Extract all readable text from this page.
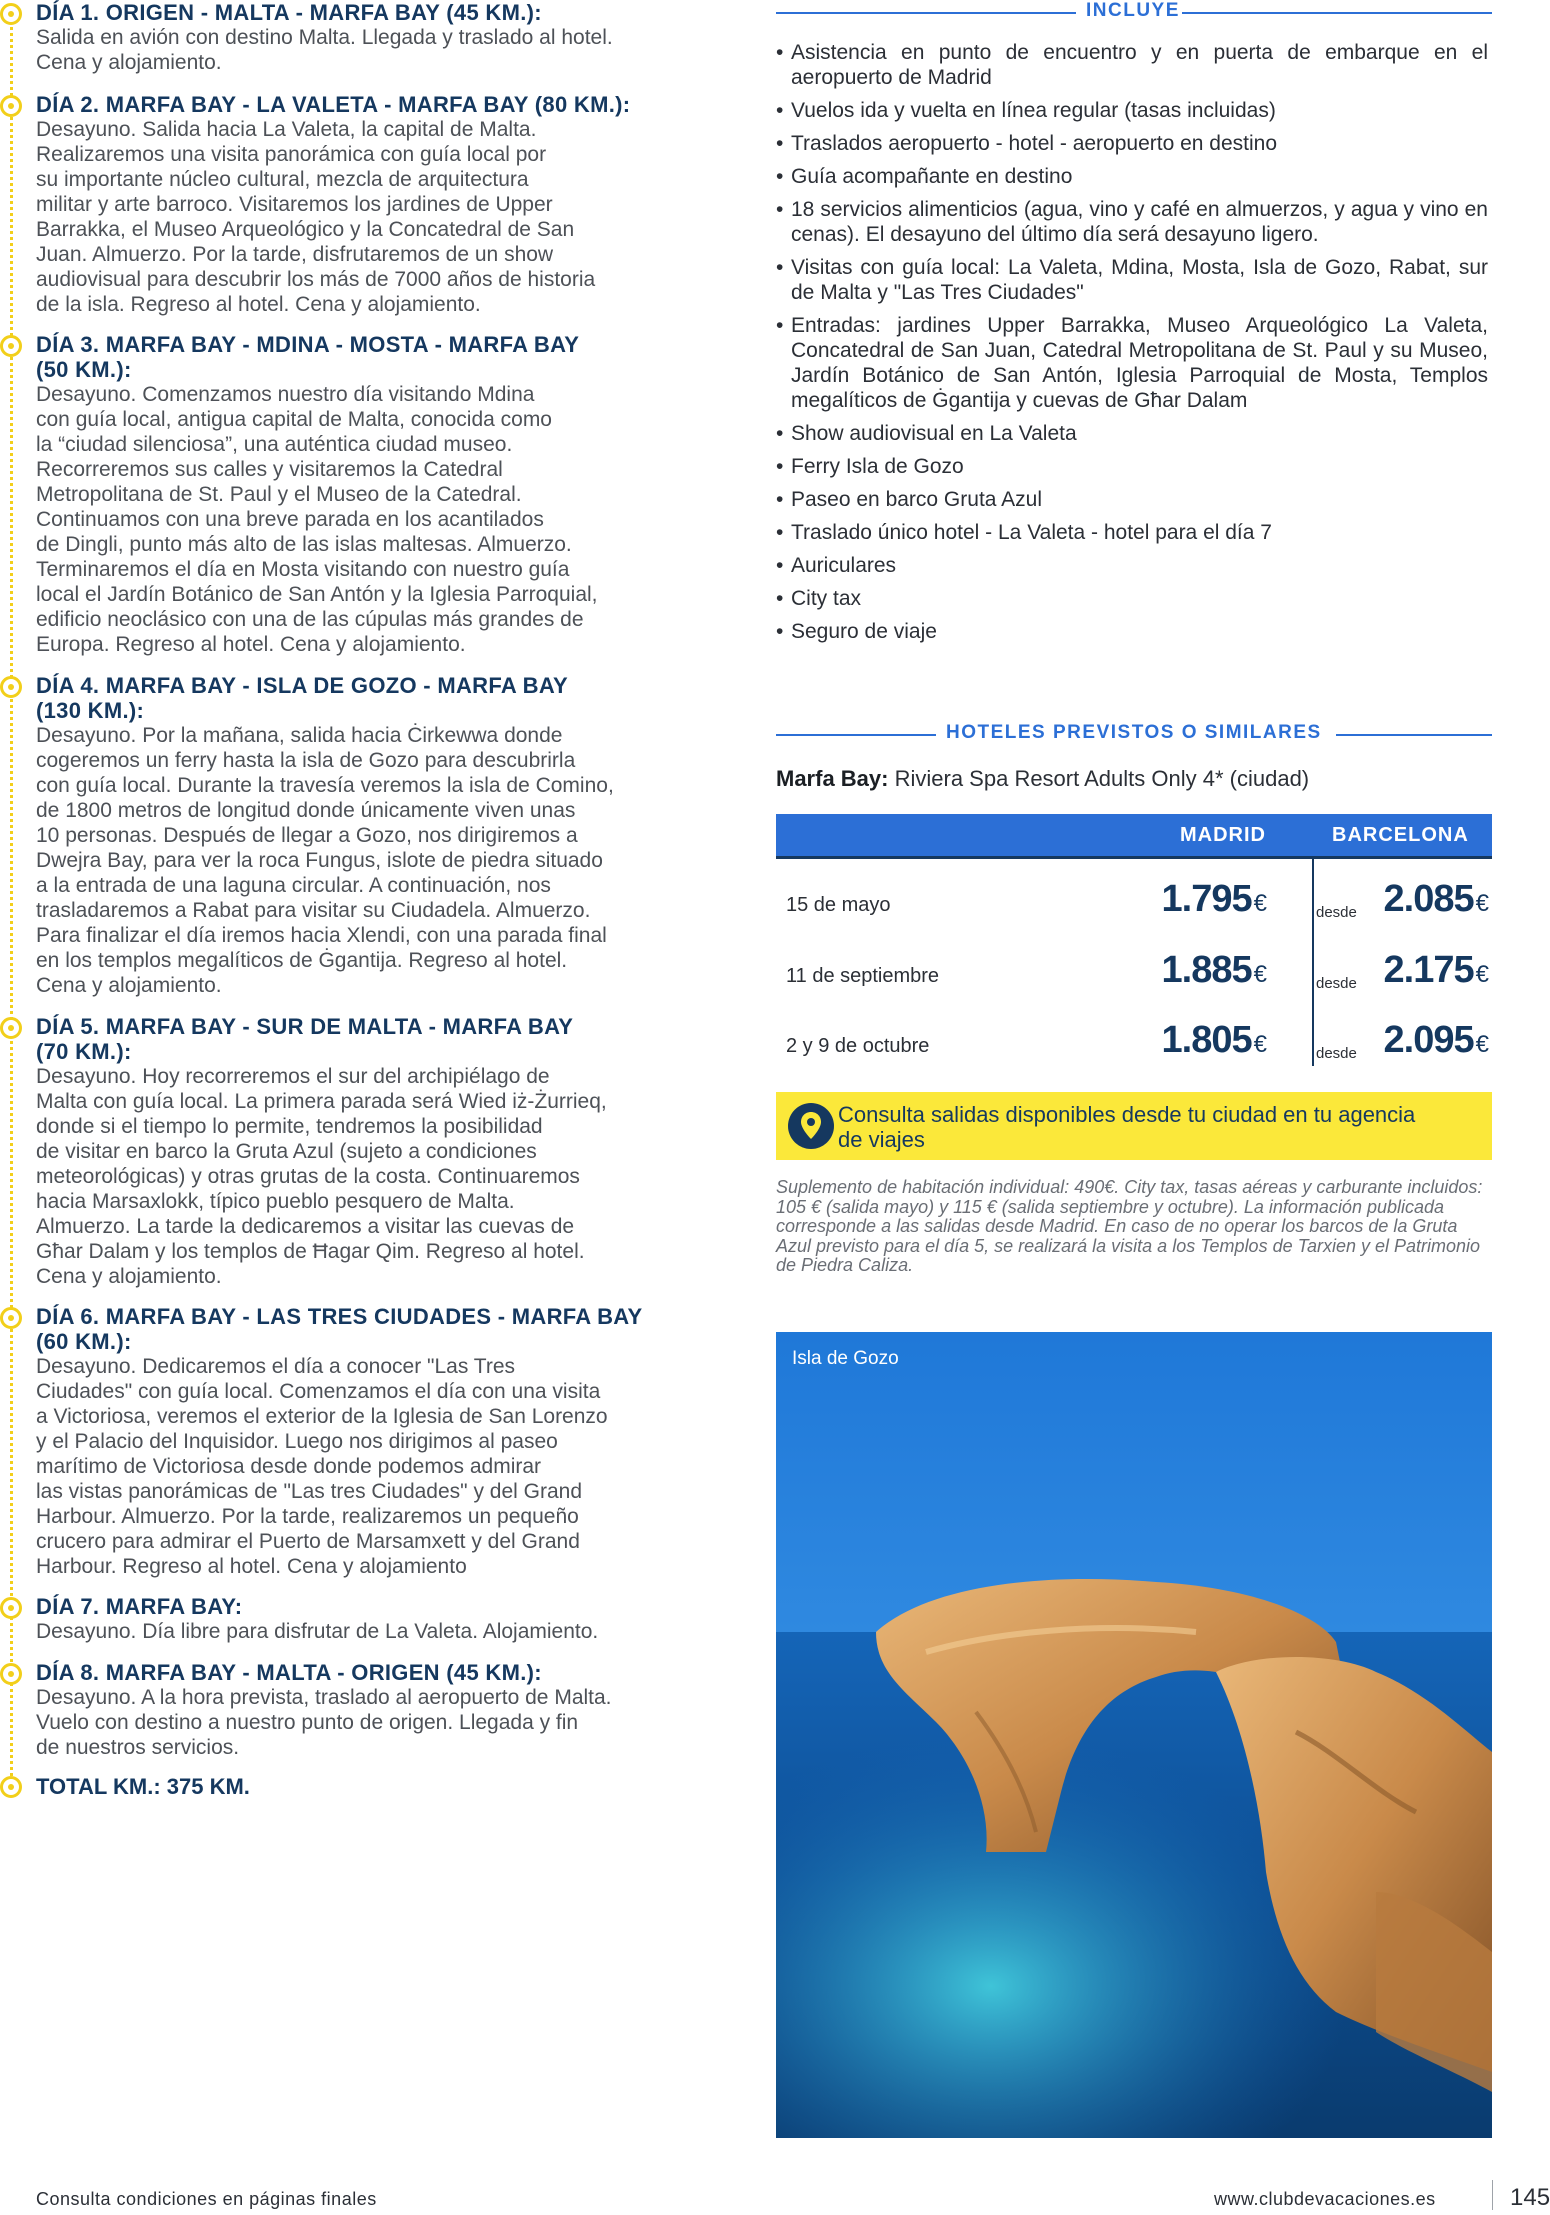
DÍA 1. ORIGEN - MALTA - MARFA BAY (45 KM.):
Salida en avión con destino Malta. Llegada y traslado al hotel.
Cena y alojamiento.
DÍA 2. MARFA BAY - LA VALETA - MARFA BAY (80 KM.):
Desayuno. Salida hacia La Valeta, la capital de Malta.
Realizaremos una visita panorámica con guía local por
su importante núcleo cultural, mezcla de arquitectura
militar y arte barroco. Visitaremos los jardines de Upper
Barrakka, el Museo Arqueológico y la Concatedral de San
Juan. Almuerzo. Por la tarde, disfrutaremos de un show
audiovisual para descubrir los más de 7000 años de historia
de la isla. Regreso al hotel. Cena y alojamiento.
DÍA 3. MARFA BAY - MDINA - MOSTA - MARFA BAY
(50 KM.):
Desayuno. Comenzamos nuestro día visitando Mdina
con guía local, antigua capital de Malta, conocida como
la “ciudad silenciosa”, una auténtica ciudad museo.
Recorreremos sus calles y visitaremos la Catedral
Metropolitana de St. Paul y el Museo de la Catedral.
Continuamos con una breve parada en los acantilados
de Dingli, punto más alto de las islas maltesas. Almuerzo.
Terminaremos el día en Mosta visitando con nuestro guía
local el Jardín Botánico de San Antón y la Iglesia Parroquial,
edificio neoclásico con una de las cúpulas más grandes de
Europa. Regreso al hotel. Cena y alojamiento.
DÍA 4. MARFA BAY - ISLA DE GOZO - MARFA BAY
(130 KM.):
Desayuno. Por la mañana, salida hacia Ċirkewwa donde
cogeremos un ferry hasta la isla de Gozo para descubrirla
con guía local. Durante la travesía veremos la isla de Comino,
de 1800 metros de longitud donde únicamente viven unas
10 personas. Después de llegar a Gozo, nos dirigiremos a
Dwejra Bay, para ver la roca Fungus, islote de piedra situado
a la entrada de una laguna circular. A continuación, nos
trasladaremos a Rabat para visitar su Ciudadela. Almuerzo.
Para finalizar el día iremos hacia Xlendi, con una parada final
en los templos megalíticos de Ġgantija. Regreso al hotel.
Cena y alojamiento.
DÍA 5. MARFA BAY - SUR DE MALTA - MARFA BAY
(70 KM.):
Desayuno. Hoy recorreremos el sur del archipiélago de
Malta con guía local. La primera parada será Wied iż-Żurrieq,
donde si el tiempo lo permite, tendremos la posibilidad
de visitar en barco la Gruta Azul (sujeto a condiciones
meteorológicas) y otras grutas de la costa. Continuaremos
hacia Marsaxlokk, típico pueblo pesquero de Malta.
Almuerzo. La tarde la dedicaremos a visitar las cuevas de
Għar Dalam y los templos de Ħagar Qim. Regreso al hotel.
Cena y alojamiento.
DÍA 6. MARFA BAY - LAS TRES CIUDADES - MARFA BAY
(60 KM.):
Desayuno. Dedicaremos el día a conocer "Las Tres
Ciudades" con guía local. Comenzamos el día con una visita
a Victoriosa, veremos el exterior de la Iglesia de San Lorenzo
y el Palacio del Inquisidor. Luego nos dirigimos al paseo
marítimo de Victoriosa desde donde podemos admirar
las vistas panorámicas de "Las tres Ciudades" y del Grand
Harbour. Almuerzo. Por la tarde, realizaremos un pequeño
crucero para admirar el Puerto de Marsamxett y del Grand
Harbour. Regreso al hotel. Cena y alojamiento
DÍA 7. MARFA BAY:
Desayuno. Día libre para disfrutar de La Valeta. Alojamiento.
DÍA 8. MARFA BAY - MALTA - ORIGEN (45 KM.):
Desayuno. A la hora prevista, traslado al aeropuerto de Malta.
Vuelo con destino a nuestro punto de origen. Llegada y fin
de nuestros servicios.
TOTAL KM.: 375 KM.
INCLUYE
• Asistencia en punto de encuentro y en puerta de embarque en el aeropuerto de Madrid
• Vuelos ida y vuelta en línea regular (tasas incluidas)
• Traslados aeropuerto - hotel - aeropuerto en destino
• Guía acompañante en destino
• 18 servicios alimenticios (agua, vino y café en almuerzos, y agua y vino en cenas). El desayuno del último día será desayuno ligero.
• Visitas con guía local: La Valeta, Mdina, Mosta, Isla de Gozo, Rabat, sur de Malta y "Las Tres Ciudades"
• Entradas: jardines Upper Barrakka, Museo Arqueológico La Valeta, Concatedral de San Juan, Catedral Metropolitana de St. Paul y su Museo, Jardín Botánico de San Antón, Iglesia Parroquial de Mosta, Templos megalíticos de Ġgantija y cuevas de Għar Dalam
• Show audiovisual en La Valeta
• Ferry Isla de Gozo
• Paseo en barco Gruta Azul
• Traslado único hotel - La Valeta - hotel para el día 7
• Auriculares
• City tax
• Seguro de viaje
HOTELES PREVISTOS O SIMILARES
Marfa Bay: Riviera Spa Resort Adults Only 4* (ciudad)
MADRID	BARCELONA
15 de mayo	1.795€	desde 2.085€
11 de septiembre	1.885€	desde 2.175€
2 y 9 de octubre	1.805€	desde 2.095€
Consulta salidas disponibles desde tu ciudad en tu agencia de viajes
Suplemento de habitación individual: 490€. City tax, tasas aéreas y carburante incluidos: 105 € (salida mayo) y 115 € (salida septiembre y octubre). La información publicada corresponde a las salidas desde Madrid. En caso de no operar los barcos de la Gruta Azul previsto para el día 5, se realizará la visita a los Templos de Tarxien y el Patrimonio de Piedra Caliza.
Isla de Gozo
Consulta condiciones en páginas finales	www.clubdevacaciones.es	145
